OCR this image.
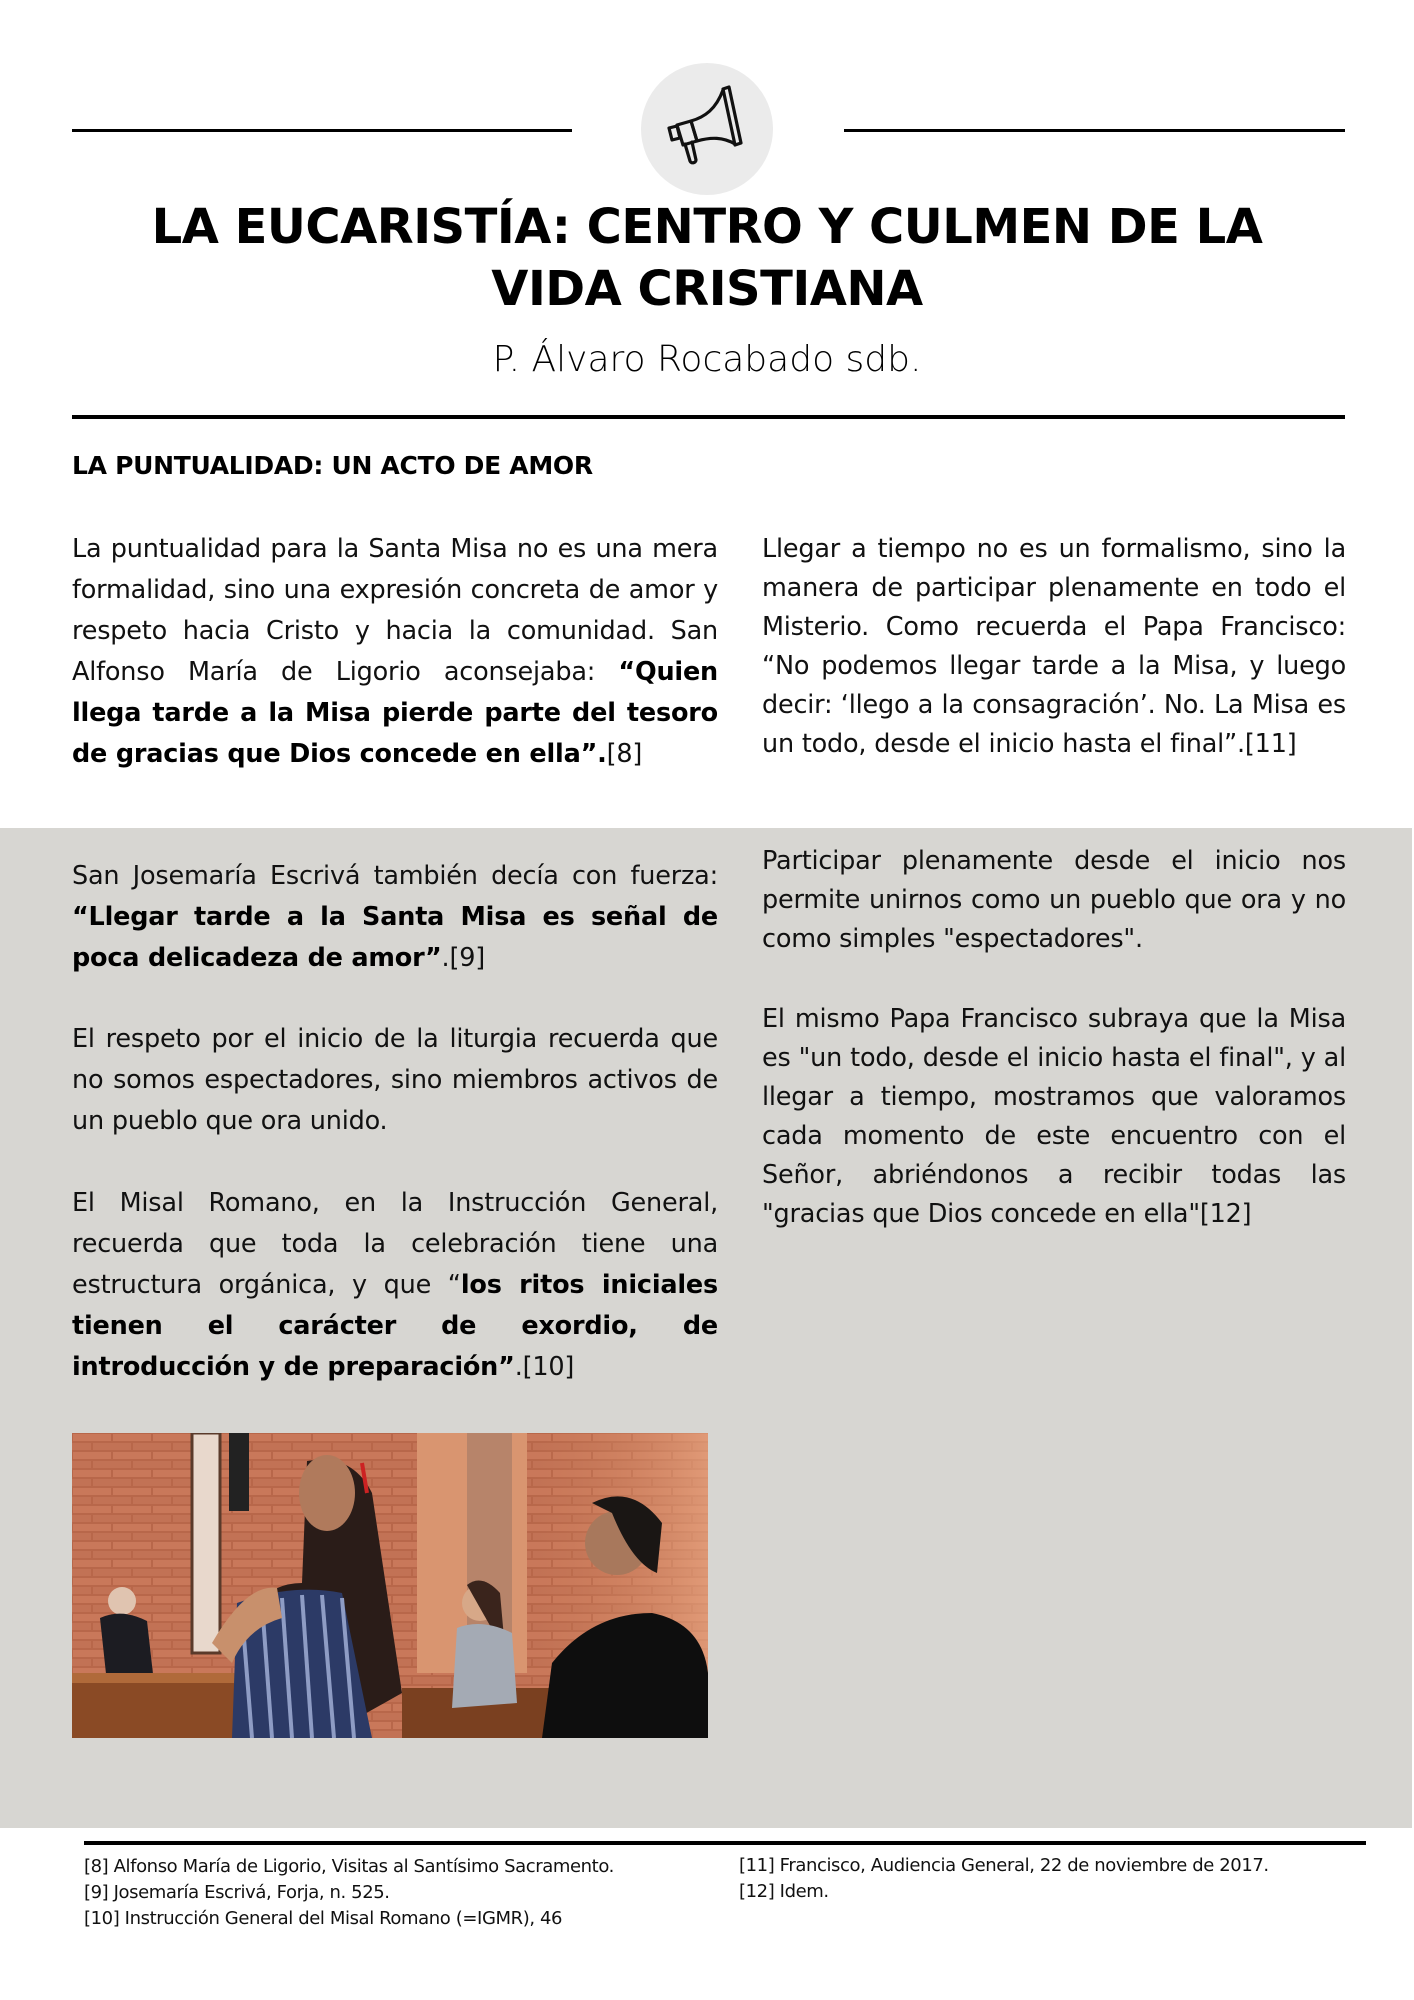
LA EUCARISTÍA: CENTRO Y CULMEN DE LA
VIDA CRISTIANA
P. Álvaro Rocabado sdb.
LA PUNTUALIDAD: UN ACTO DE AMOR
La puntualidad para la Santa Misa no es una mera formalidad, sino una expresión concreta de amor y respeto hacia Cristo y hacia la comunidad. San Alfonso María de Ligorio aconsejaba: “Quien llega tarde a la Misa pierde parte del tesoro de gracias que Dios concede en ella”.[8]
San Josemaría Escrivá también decía con fuerza: “Llegar tarde a la Santa Misa es señal de poca delicadeza de amor”.[9]
El respeto por el inicio de la liturgia recuerda que no somos espectadores, sino miembros activos de un pueblo que ora unido.
El Misal Romano, en la Instrucción General, recuerda que toda la celebración tiene una estructura orgánica, y que “los ritos iniciales tienen el carácter de exordio, de introducción y de preparación”.[10]
Llegar a tiempo no es un formalismo, sino la manera de participar plenamente en todo el Misterio. Como recuerda el Papa Francisco: “No podemos llegar tarde a la Misa, y luego decir: ‘llego a la consagración’. No. La Misa es un todo, desde el inicio hasta el final”.[11]
Participar plenamente desde el inicio nos permite unirnos como un pueblo que ora y no como simples "espectadores".
El mismo Papa Francisco subraya que la Misa es "un todo, desde el inicio hasta el final", y al llegar a tiempo, mostramos que valoramos cada momento de este encuentro con el Señor, abriéndonos a recibir todas las "gracias que Dios concede en ella"[12]
[8] Alfonso María de Ligorio, Visitas al Santísimo Sacramento.
[9] Josemaría Escrivá, Forja, n. 525.
[10] Instrucción General del Misal Romano (=IGMR), 46
[11] Francisco, Audiencia General, 22 de noviembre de 2017.
[12] Idem.
